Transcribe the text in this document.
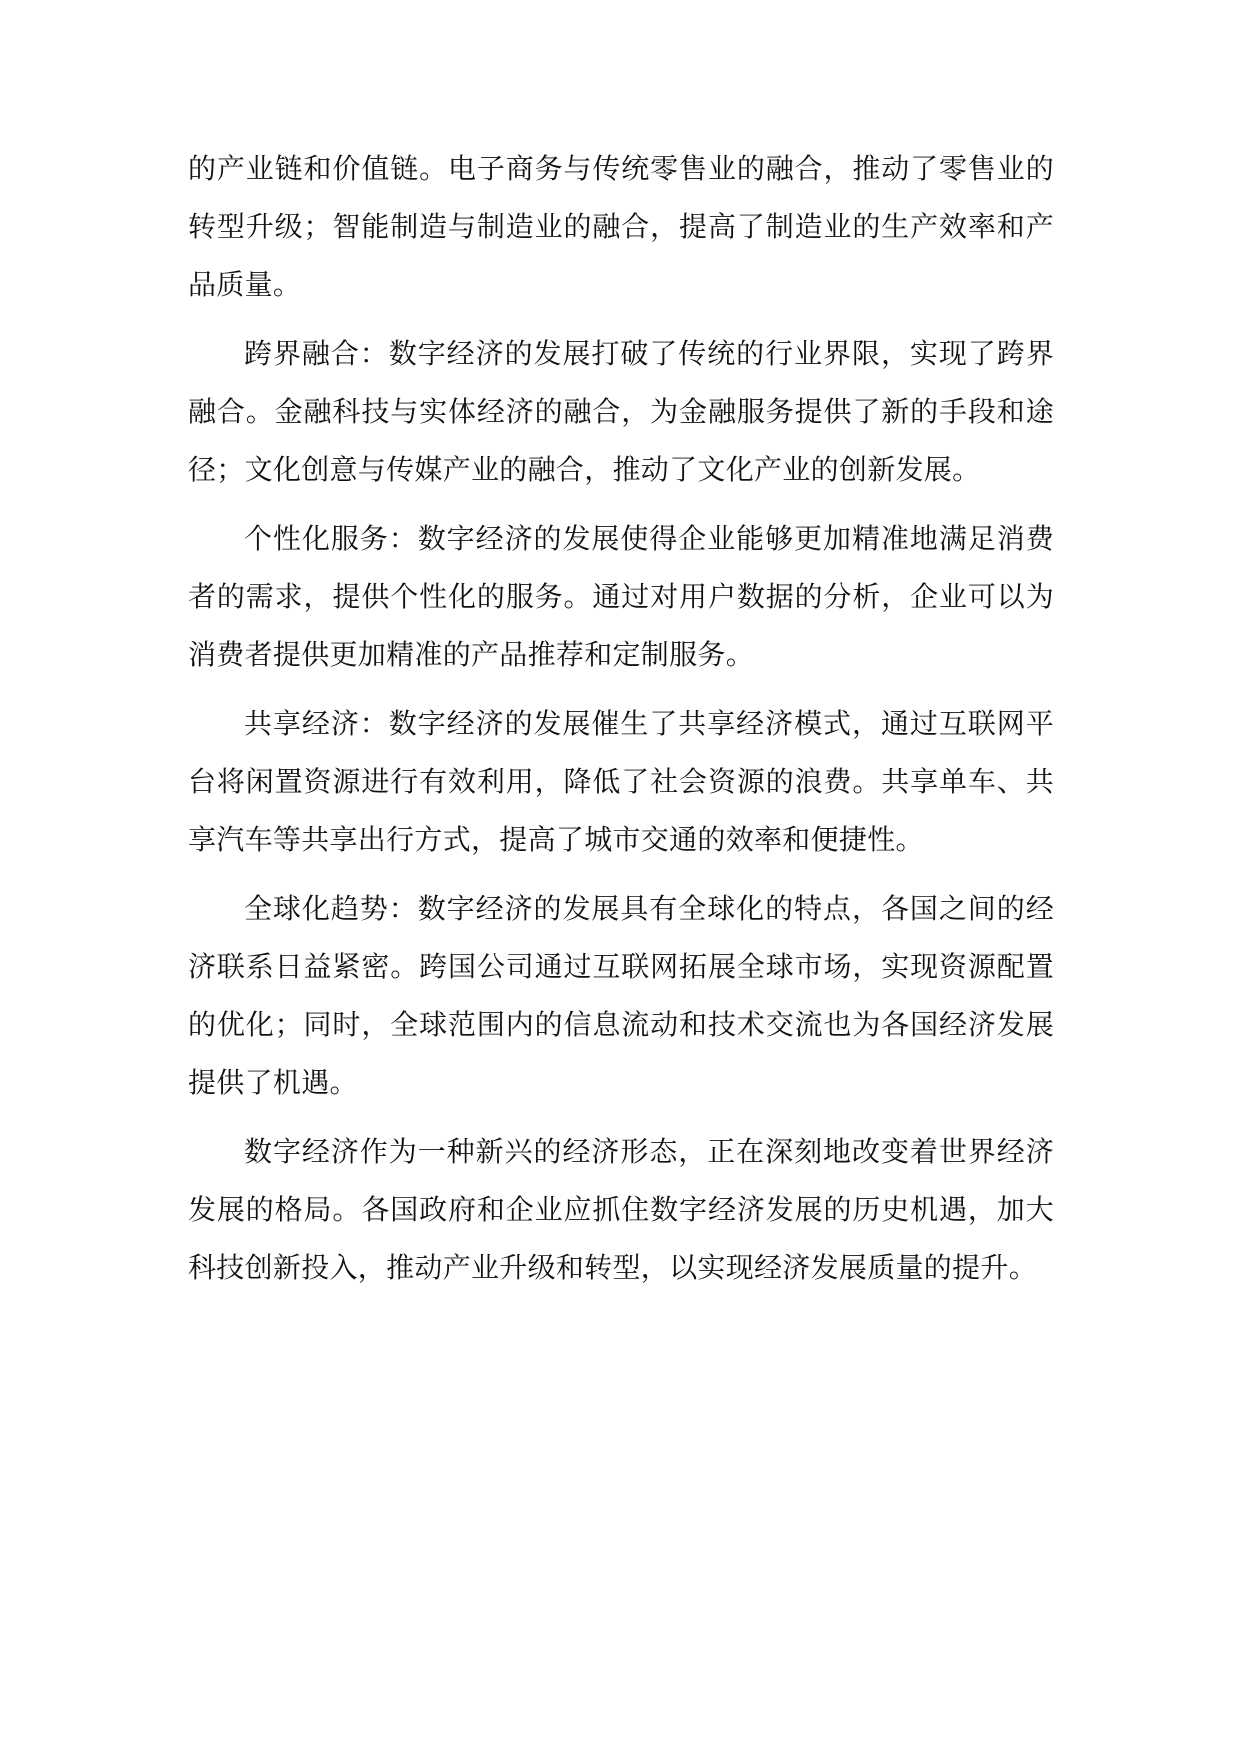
的产业链和价值链。电子商务与传统零售业的融合，推动了零售业的转型升级；智能制造与制造业的融合，提高了制造业的生产效率和产品质量。

跨界融合：数字经济的发展打破了传统的行业界限，实现了跨界融合。金融科技与实体经济的融合，为金融服务提供了新的手段和途径；文化创意与传媒产业的融合，推动了文化产业的创新发展。

个性化服务：数字经济的发展使得企业能够更加精准地满足消费者的需求，提供个性化的服务。通过对用户数据的分析，企业可以为消费者提供更加精准的产品推荐和定制服务。

共享经济：数字经济的发展催生了共享经济模式，通过互联网平台将闲置资源进行有效利用，降低了社会资源的浪费。共享单车、共享汽车等共享出行方式，提高了城市交通的效率和便捷性。

全球化趋势：数字经济的发展具有全球化的特点，各国之间的经济联系日益紧密。跨国公司通过互联网拓展全球市场，实现资源配置的优化；同时，全球范围内的信息流动和技术交流也为各国经济发展提供了机遇。

数字经济作为一种新兴的经济形态，正在深刻地改变着世界经济发展的格局。各国政府和企业应抓住数字经济发展的历史机遇，加大科技创新投入，推动产业升级和转型，以实现经济发展质量的提升。
